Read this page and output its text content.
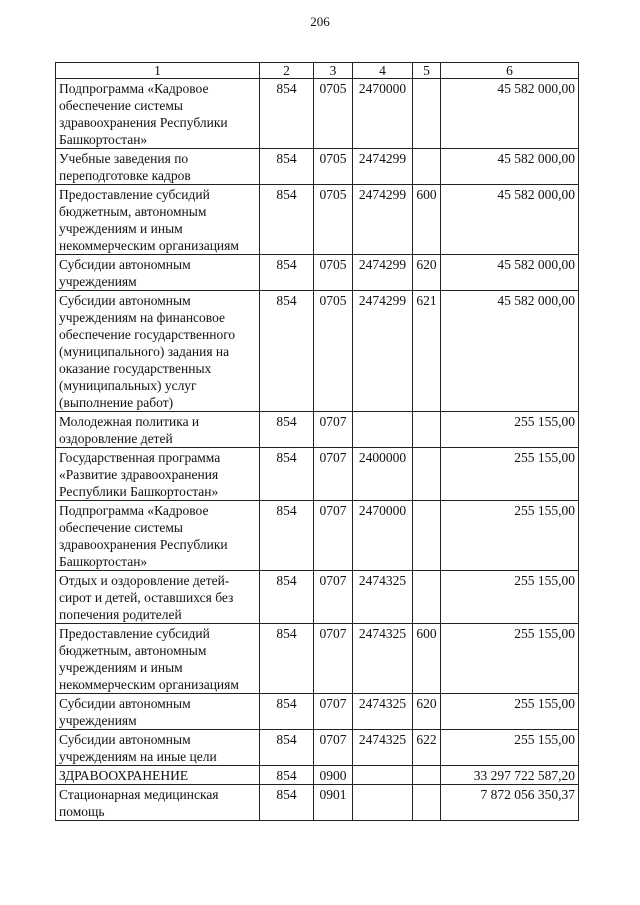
206
1	2	3	4	5	6
Подпрограмма «Кадровое обеспечение системы здравоохранения Республики Башкортостан»	854	0705	2470000		45 582 000,00
Учебные заведения по переподготовке кадров	854	0705	2474299		45 582 000,00
Предоставление субсидий бюджетным, автономным учреждениям и иным некоммерческим организациям	854	0705	2474299	600	45 582 000,00
Субсидии автономным учреждениям	854	0705	2474299	620	45 582 000,00
Субсидии автономным учреждениям на финансовое обеспечение государственного (муниципального) задания на оказание государственных (муниципальных) услуг (выполнение работ)	854	0705	2474299	621	45 582 000,00
Молодежная политика и оздоровление детей	854	0707			255 155,00
Государственная программа «Развитие здравоохранения Республики Башкортостан»	854	0707	2400000		255 155,00
Подпрограмма «Кадровое обеспечение системы здравоохранения Республики Башкортостан»	854	0707	2470000		255 155,00
Отдых и оздоровление детей-сирот и детей, оставшихся без попечения родителей	854	0707	2474325		255 155,00
Предоставление субсидий бюджетным, автономным учреждениям и иным некоммерческим организациям	854	0707	2474325	600	255 155,00
Субсидии автономным учреждениям	854	0707	2474325	620	255 155,00
Субсидии автономным учреждениям на иные цели	854	0707	2474325	622	255 155,00
ЗДРАВООХРАНЕНИЕ	854	0900			33 297 722 587,20
Стационарная медицинская помощь	854	0901			7 872 056 350,37
